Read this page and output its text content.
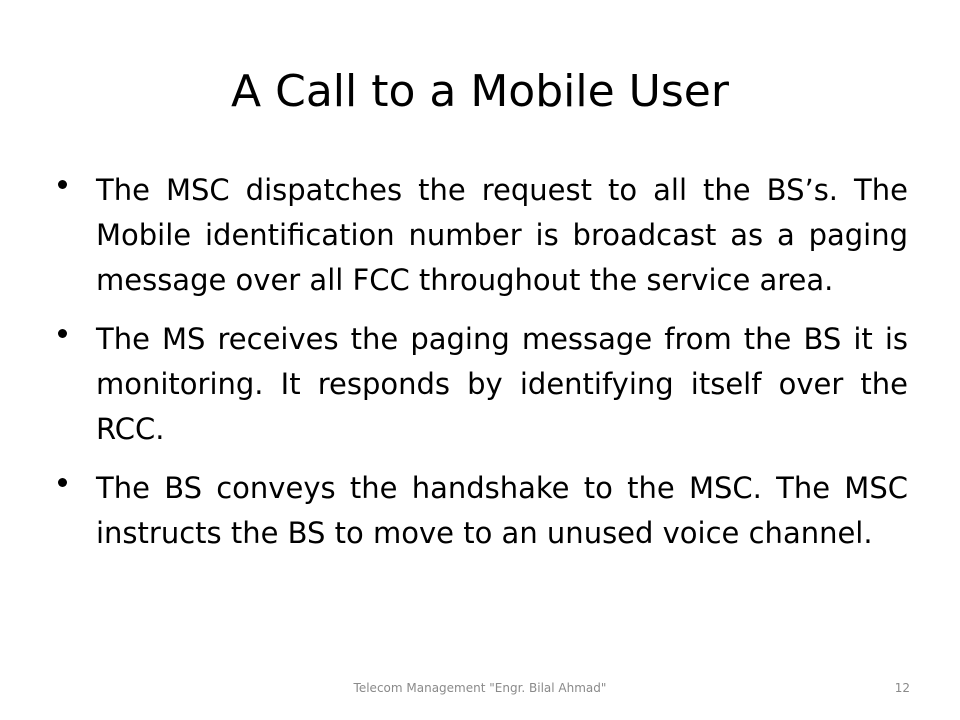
A Call to a Mobile User
The MSC dispatches the request to all the BS’s. The Mobile identification number is broadcast as a paging message over all FCC throughout the service area.
The MS receives the paging message from the BS it is monitoring. It responds by identifying itself over the RCC.
The BS conveys the handshake to the MSC. The MSC instructs the BS to move to an unused voice channel.
Telecom Management "Engr. Bilal Ahmad"	12
